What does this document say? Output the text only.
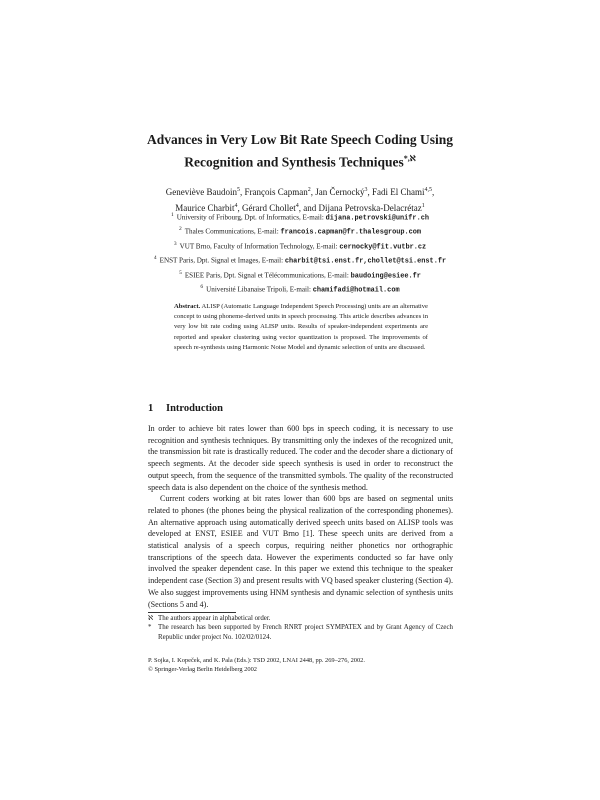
Advances in Very Low Bit Rate Speech Coding Using
Recognition and Synthesis Techniques$^{*,ℵ}$
Geneviève Baudoin$^5$, François Capman$^2$, Jan Černocký$^3$, Fadi El Chami$^{4,5}$,
Maurice Charbit$^4$, Gérard Chollet$^4$, and Dijana Petrovska-Delacrétaz$^1$
$^1$ University of Fribourg, Dpt. of Informatics, E-mail: dijana.petrovski@unifr.ch
$^2$ Thales Communications, E-mail: francois.capman@fr.thalesgroup.com
$^3$ VUT Brno, Faculty of Information Technology, E-mail: cernocky@fit.vutbr.cz
$^4$ ENST Paris, Dpt. Signal et Images, E-mail: charbit@tsi.enst.fr,chollet@tsi.enst.fr
$^5$ ESIEE Paris, Dpt. Signal et Télécommunications, E-mail: baudoing@esiee.fr
$^6$ Université Libanaise Tripoli, E-mail: chamifadi@hotmail.com
Abstract. ALISP (Automatic Language Independent Speech Processing) units are an alternative concept to using phoneme-derived units in speech processing. This article describes advances in very low bit rate coding using ALISP units. Results of speaker-independent experiments are reported and speaker clustering using vector quantization is proposed. The improvements of speech re-synthesis using Harmonic Noise Model and dynamic selection of units are discussed.
1 Introduction

In order to achieve bit rates lower than 600 bps in speech coding, it is necessary to use recognition and synthesis techniques. By transmitting only the indexes of the recognized unit, the transmission bit rate is drastically reduced. The coder and the decoder share a dictionary of speech segments. At the decoder side speech synthesis is used in order to reconstruct the output speech, from the sequence of the transmitted symbols. The quality of the reconstructed speech data is also dependent on the choice of the synthesis method.

Current coders working at bit rates lower than 600 bps are based on segmental units related to phones (the phones being the physical realization of the corresponding phonemes). An alternative approach using automatically derived speech units based on ALISP tools was developed at ENST, ESIEE and VUT Brno [1]. These speech units are derived from a statistical analysis of a speech corpus, requiring neither phonetics nor orthographic transcriptions of the speech data. However the experiments conducted so far have only involved the speaker dependent case. In this paper we extend this technique to the speaker independent case (Section 3) and present results with VQ based speaker clustering (Section 4). We also suggest improvements using HNM synthesis and dynamic selection of synthesis units (Sections 5 and 4).

ℵ The authors appear in alphabetical order.
* The research has been supported by French RNRT project SYMPATEX and by Grant Agency of Czech Republic under project No. 102/02/0124.
P. Sojka, I. Kopeček, and K. Pala (Eds.): TSD 2002, LNAI 2448, pp. 269–276, 2002.
© Springer-Verlag Berlin Heidelberg 2002
